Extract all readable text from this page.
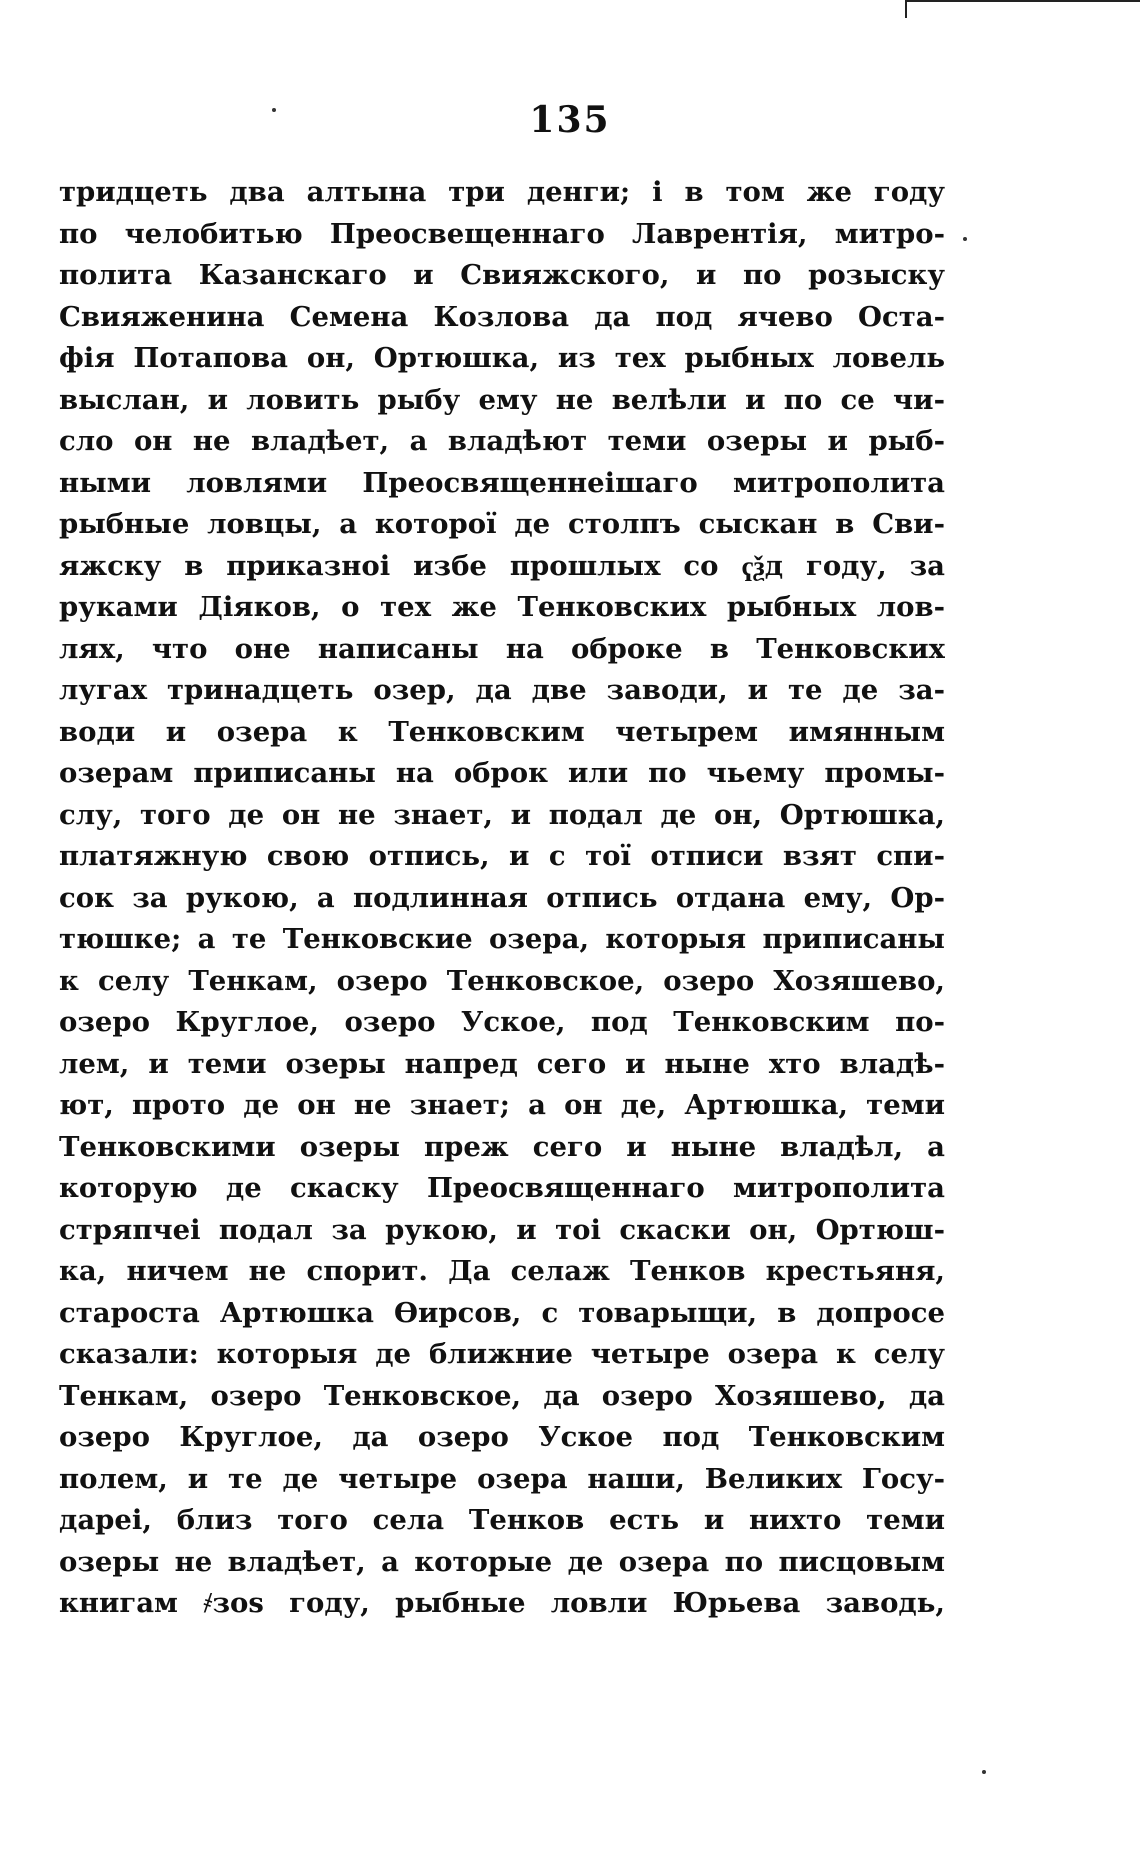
135
тридцеть два алтына три денги; і в том же году
по челобитью Преосвещеннаго Лаврентія, митро-
полита Казанскаго и Свияжского, и по розыску
Свияженина Семена Козлова да под ячево Оста-
фія Потапова он, Ортюшка, из тех рыбных ловель
выслан, и ловить рыбу ему не велѣли и по се чи-
сло он не владѣет, а владѣют теми озеры и рыб-
ными ловлями Преосвященнеішаго митрополита
рыбные ловцы, а которої де столпъ сыскан в Сви-
яжску в приказноі избе прошлых со ҁѯд году, за
руками Діяков, о тех же Тенковских рыбных лов-
лях, что оне написаны на оброке в Тенковских
лугах тринадцеть озер, да две заводи, и те де за-
води и озера к Тенковским четырем имянным
озерам приписаны на оброк или по чьему промы-
слу, того де он не знает, и подал де он, Ортюшка,
платяжную свою отпись, и с тої отписи взят спи-
сок за рукою, а подлинная отпись отдана ему, Ор-
тюшке; а те Тенковские озера, которыя приписаны
к селу Тенкам, озеро Тенковское, озеро Хозяшево,
озеро Круглое, озеро Уское, под Тенковским по-
лем, и теми озеры напред сего и ныне хто владѣ-
ют, прото де он не знает; а он де, Артюшка, теми
Тенковскими озеры преж сего и ныне владѣл, а
которую де скаску Преосвященнаго митрополита
стряпчеі подал за рукою, и тоі скаски он, Ортюш-
ка, ничем не спорит. Да селаж Тенков крестьяня,
староста Артюшка Өирсов, с товарыщи, в допросе
сказали: которыя де ближние четыре озера к селу
Тенкам, озеро Тенковское, да озеро Хозяшево, да
озеро Круглое, да озеро Уское под Тенковским
полем, и те де четыре озера наши, Великих Госу-
дареі, близ того села Тенков есть и нихто теми
озеры не владѣет, а которые де озера по писцовым
книгам ҂зоѕ году, рыбные ловли Юрьева заводь,
